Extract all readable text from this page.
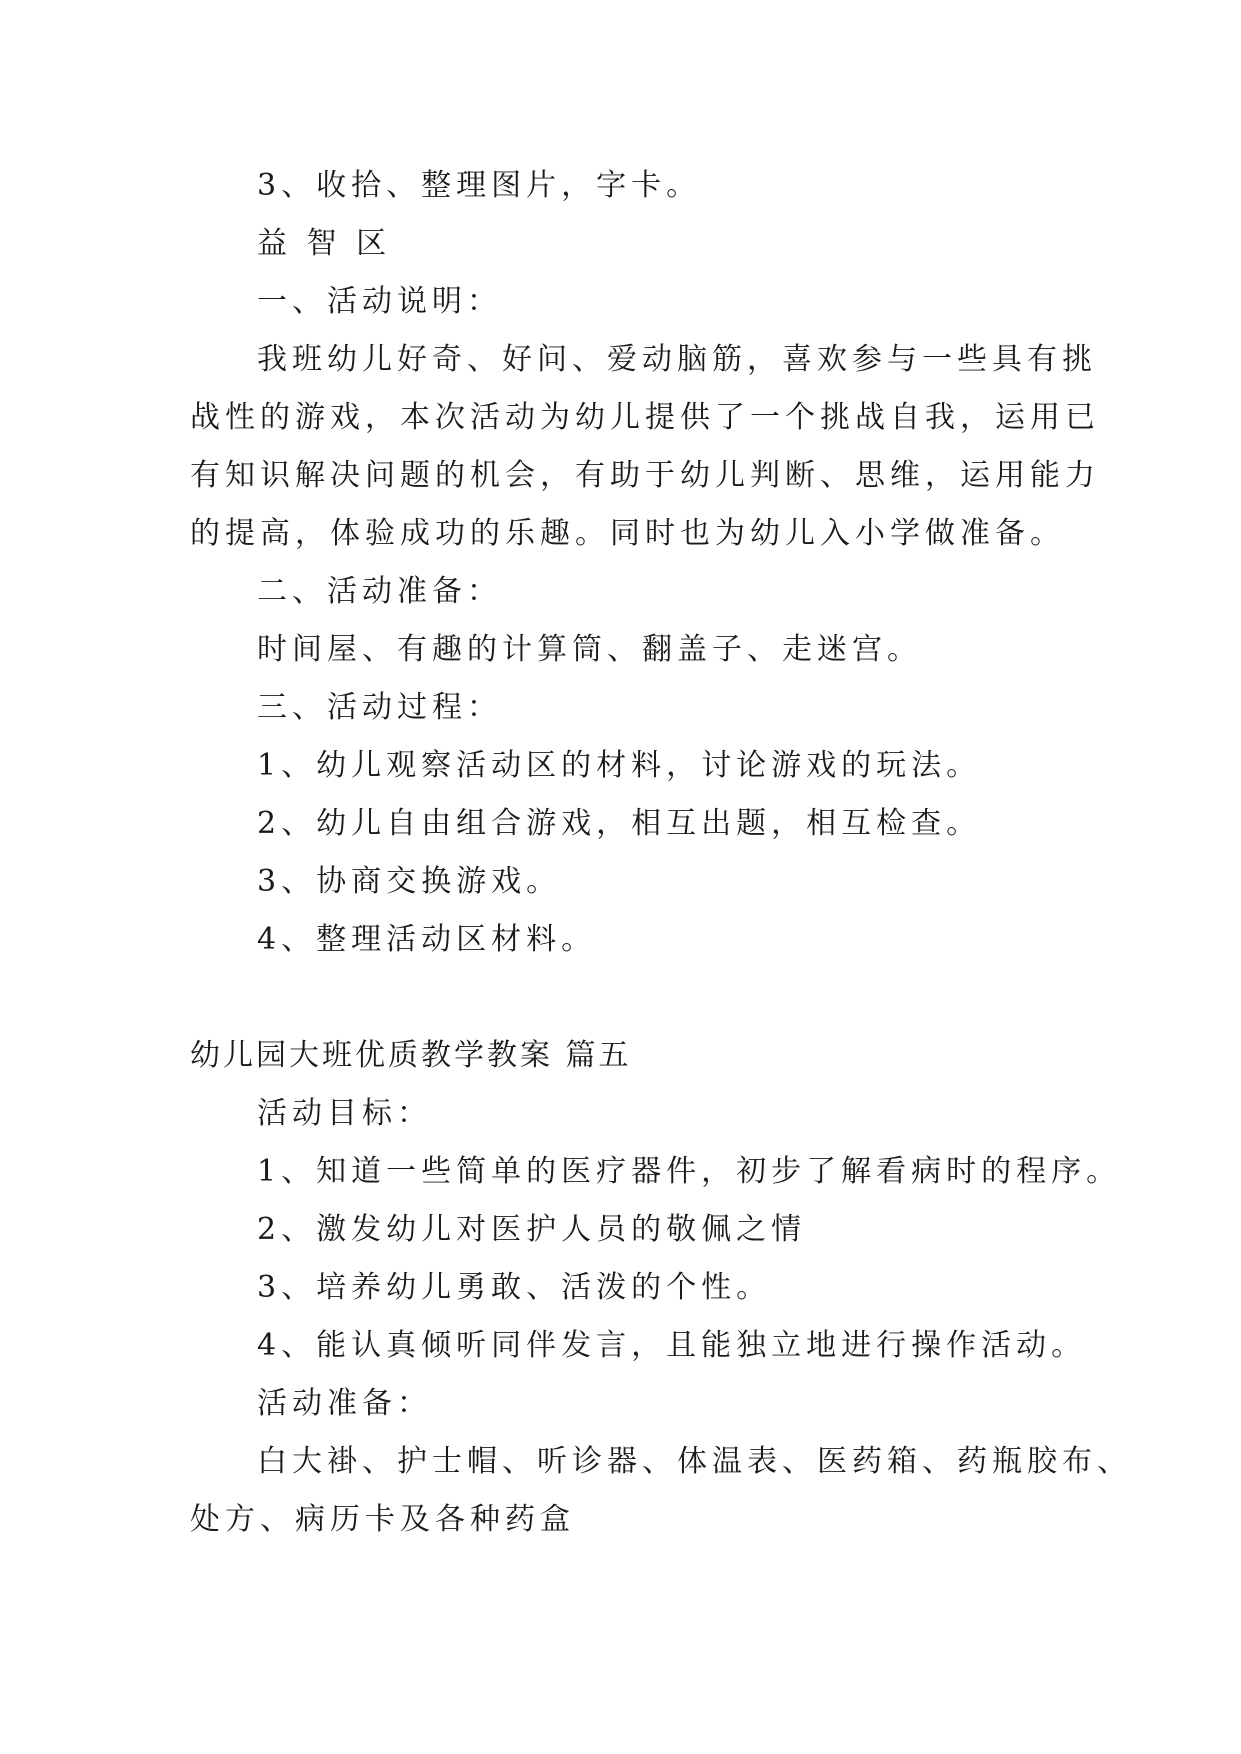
3、收拾、整理图片，字卡。

益 智 区

一、活动说明：

我班幼儿好奇、好问、爱动脑筋，喜欢参与一些具有挑

战性的游戏，本次活动为幼儿提供了一个挑战自我，运用已

有知识解决问题的机会，有助于幼儿判断、思维，运用能力

的提高，体验成功的乐趣。同时也为幼儿入小学做准备。

二、活动准备：

时间屋、有趣的计算筒、翻盖子、走迷宫。

三、活动过程：

1、幼儿观察活动区的材料，讨论游戏的玩法。

2、幼儿自由组合游戏，相互出题，相互检查。

3、协商交换游戏。

4、整理活动区材料。

幼儿园大班优质教学教案 篇五

活动目标：

1、知道一些简单的医疗器件，初步了解看病时的程序。

2、激发幼儿对医护人员的敬佩之情

3、培养幼儿勇敢、活泼的个性。

4、能认真倾听同伴发言，且能独立地进行操作活动。

活动准备：

白大褂、护士帽、听诊器、体温表、医药箱、药瓶胶布、

处方、病历卡及各种药盒
